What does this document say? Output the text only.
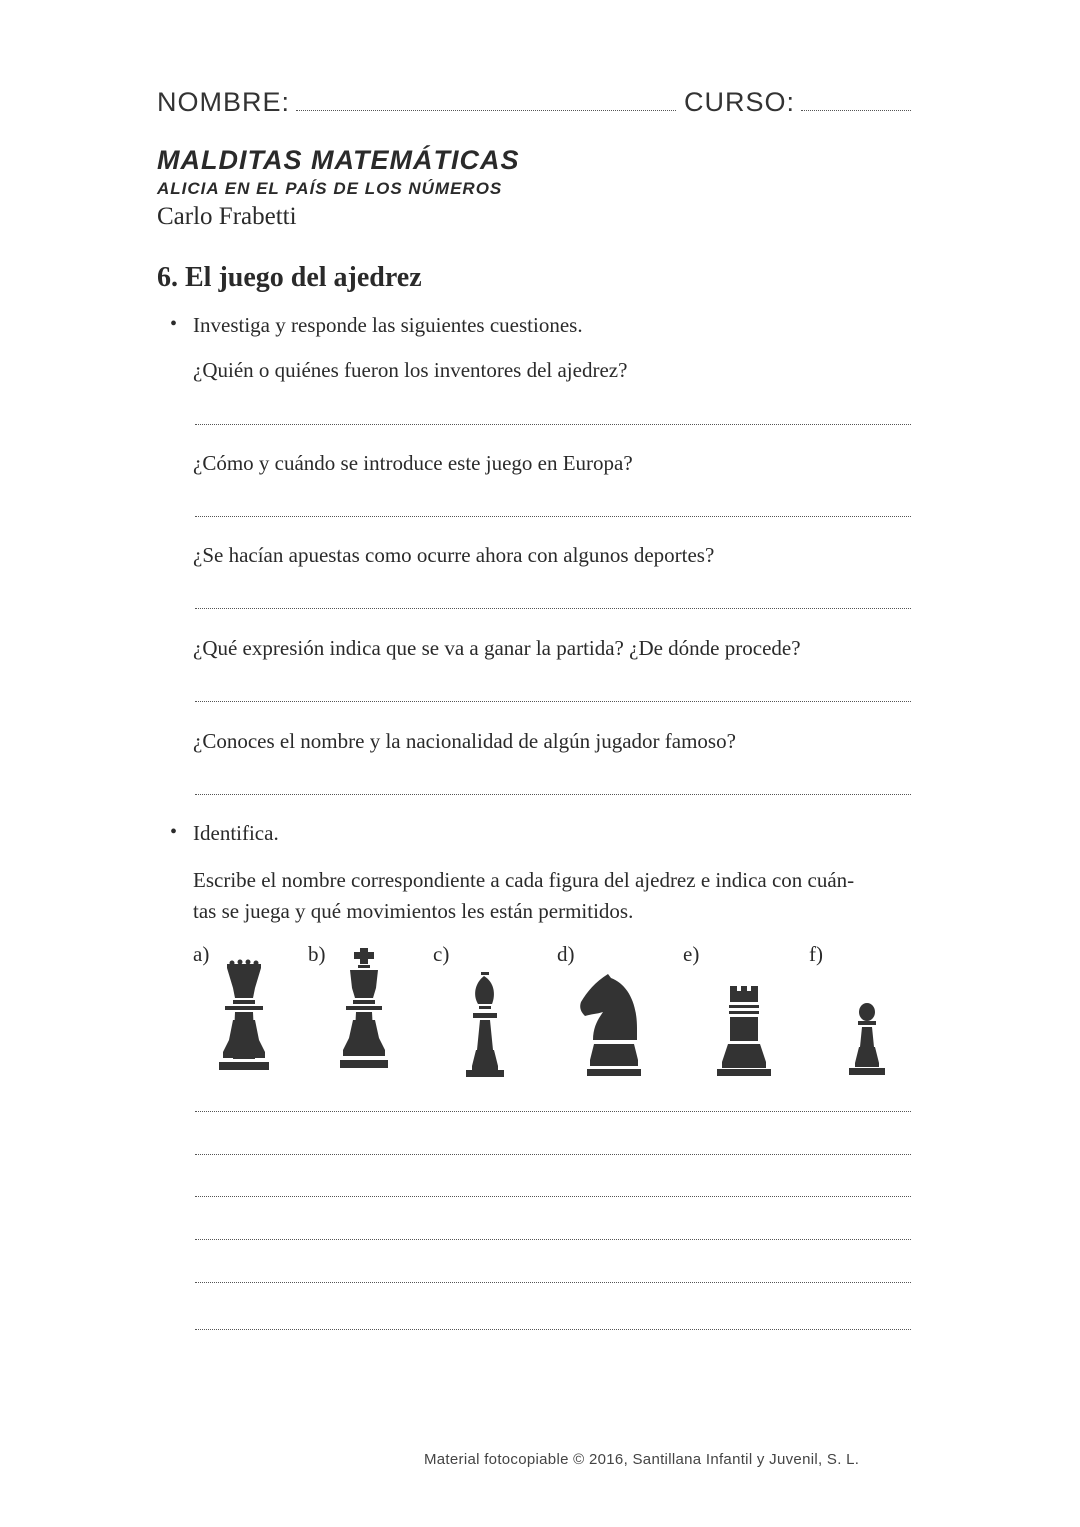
NOMBRE:	CURSO:
MALDITAS MATEMÁTICAS
ALICIA EN EL PAÍS DE LOS NÚMEROS
Carlo Frabetti
6. El juego del ajedrez
• Investiga y responde las siguientes cuestiones.
¿Quién o quiénes fueron los inventores del ajedrez?
¿Cómo y cuándo se introduce este juego en Europa?
¿Se hacían apuestas como ocurre ahora con algunos deportes?
¿Qué expresión indica que se va a ganar la partida? ¿De dónde procede?
¿Conoces el nombre y la nacionalidad de algún jugador famoso?
• Identifica.
Escribe el nombre correspondiente a cada figura del ajedrez e indica con cuán-
tas se juega y qué movimientos les están permitidos.
a)	b)	c)	d)	e)	f)
Material fotocopiable © 2016, Santillana Infantil y Juvenil, S. L.
